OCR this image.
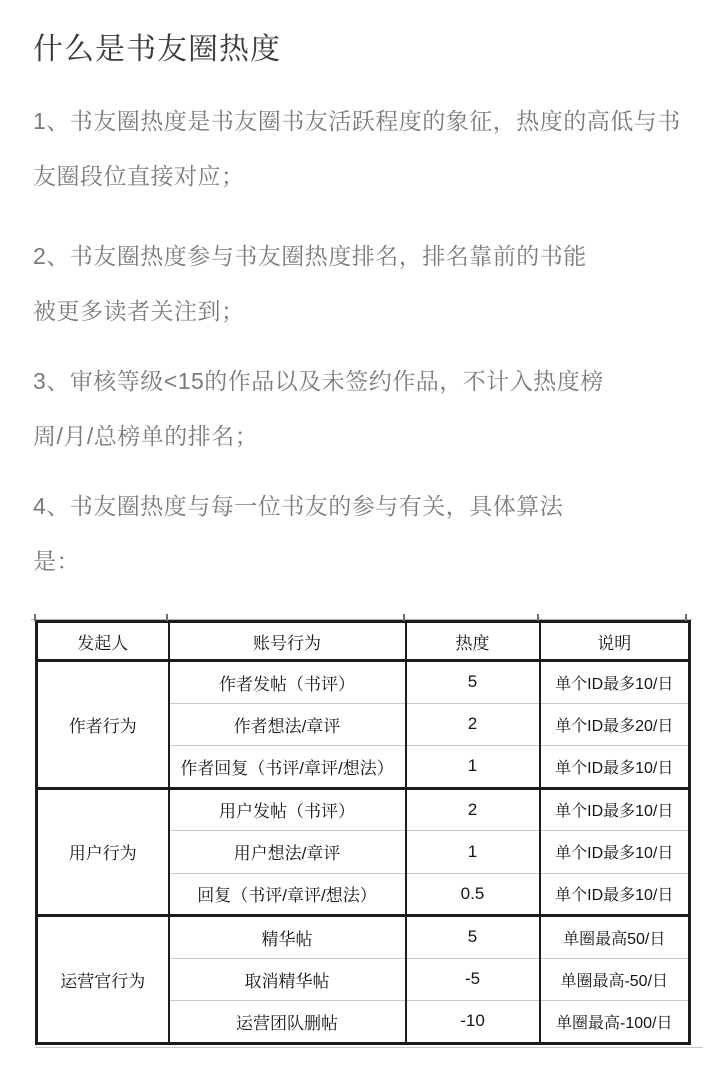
什么是书友圈热度
1、书友圈热度是书友圈书友活跃程度的象征，热度的高低与书
友圈段位直接对应；
2、书友圈热度参与书友圈热度排名，排名靠前的书能
被更多读者关注到；
3、审核等级<15的作品以及未签约作品，不计入热度榜
周/月/总榜单的排名；
4、书友圈热度与每一位书友的参与有关，具体算法
是：
发起人	账号行为	热度	说明
作者行为	作者发帖（书评）	5	单个ID最多10/日
	作者想法/章评	2	单个ID最多20/日
	作者回复（书评/章评/想法）	1	单个ID最多10/日
用户行为	用户发帖（书评）	2	单个ID最多10/日
	用户想法/章评	1	单个ID最多10/日
	回复（书评/章评/想法）	0.5	单个ID最多10/日
运营官行为	精华帖	5	单圈最高50/日
	取消精华帖	-5	单圈最高-50/日
	运营团队删帖	-10	单圈最高-100/日
